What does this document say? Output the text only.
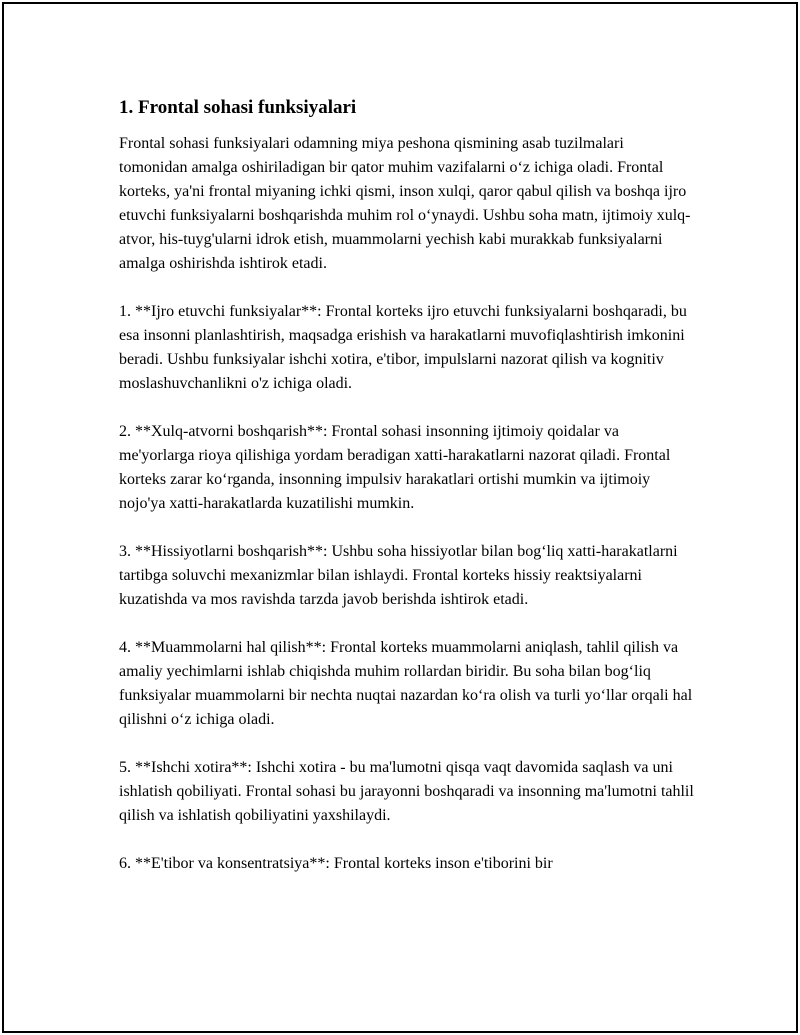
1. Frontal sohasi funksiyalari

Frontal sohasi funksiyalari odamning miya peshona qismining asab tuzilmalari tomonidan amalga oshiriladigan bir qator muhim vazifalarni o‘z ichiga oladi. Frontal korteks, ya'ni frontal miyaning ichki qismi, inson xulqi, qaror qabul qilish va boshqa ijro etuvchi funksiyalarni boshqarishda muhim rol o‘ynaydi. Ushbu soha matn, ijtimoiy xulq-atvor, his-tuyg'ularni idrok etish, muammolarni yechish kabi murakkab funksiyalarni amalga oshirishda ishtirok etadi.

1. **Ijro etuvchi funksiyalar**: Frontal korteks ijro etuvchi funksiyalarni boshqaradi, bu esa insonni planlashtirish, maqsadga erishish va harakatlarni muvofiqlashtirish imkonini beradi. Ushbu funksiyalar ishchi xotira, e'tibor, impulslarni nazorat qilish va kognitiv moslashuvchanlikni o'z ichiga oladi.

2. **Xulq-atvorni boshqarish**: Frontal sohasi insonning ijtimoiy qoidalar va me'yorlarga rioya qilishiga yordam beradigan xatti-harakatlarni nazorat qiladi. Frontal korteks zarar ko‘rganda, insonning impulsiv harakatlari ortishi mumkin va ijtimoiy nojo'ya xatti-harakatlarda kuzatilishi mumkin.

3. **Hissiyotlarni boshqarish**: Ushbu soha hissiyotlar bilan bog‘liq xatti-harakatlarni tartibga soluvchi mexanizmlar bilan ishlaydi. Frontal korteks hissiy reaktsiyalarni kuzatishda va mos ravishda tarzda javob berishda ishtirok etadi.

4. **Muammolarni hal qilish**: Frontal korteks muammolarni aniqlash, tahlil qilish va amaliy yechimlarni ishlab chiqishda muhim rollardan biridir. Bu soha bilan bog‘liq funksiyalar muammolarni bir nechta nuqtai nazardan ko‘ra olish va turli yo‘llar orqali hal qilishni o‘z ichiga oladi.

5. **Ishchi xotira**: Ishchi xotira - bu ma'lumotni qisqa vaqt davomida saqlash va uni ishlatish qobiliyati. Frontal sohasi bu jarayonni boshqaradi va insonning ma'lumotni tahlil qilish va ishlatish qobiliyatini yaxshilaydi.

6. **E'tibor va konsentratsiya**: Frontal korteks inson e'tiborini bir
